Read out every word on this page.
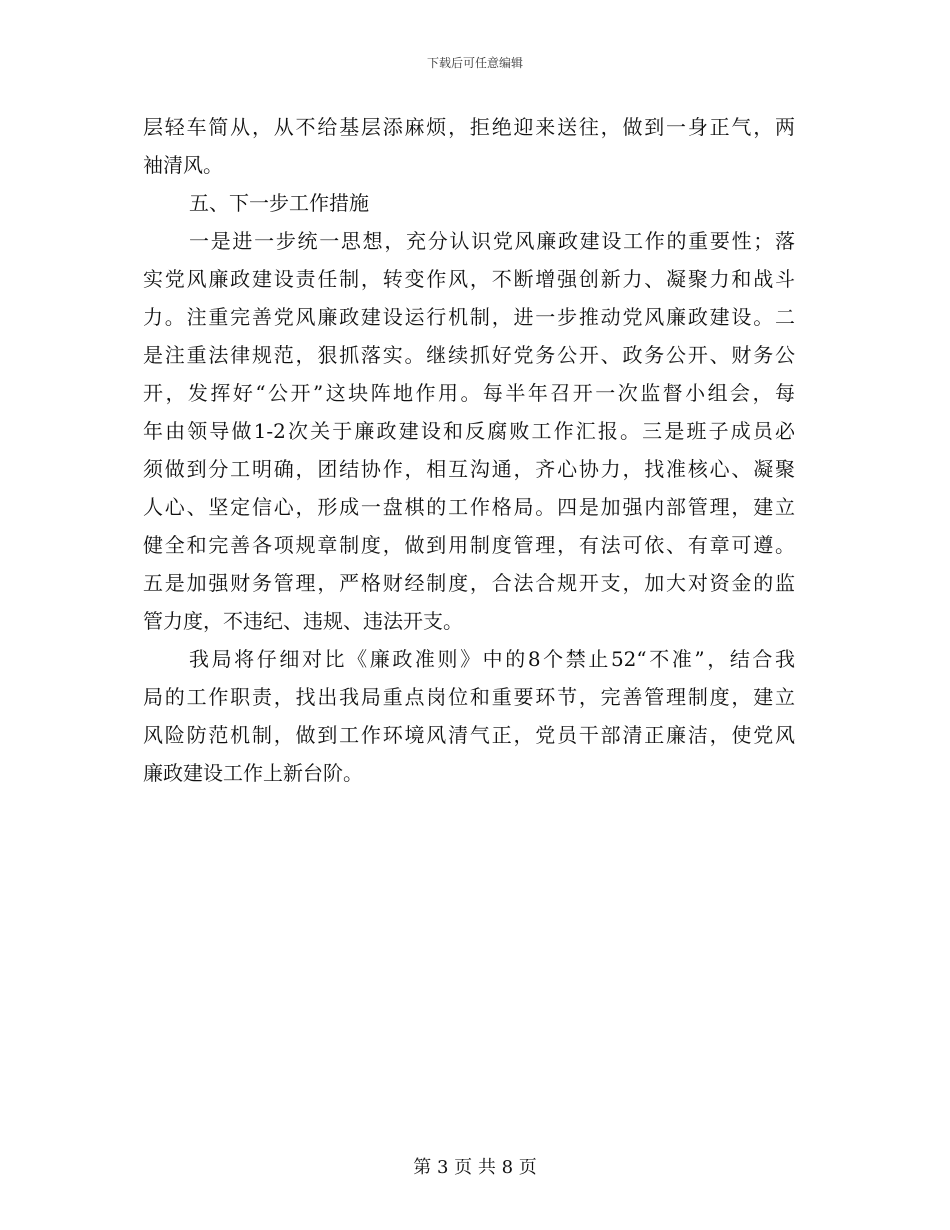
下载后可任意编辑
层轻车简从，从不给基层添麻烦，拒绝迎来送往，做到一身正气，两
袖清风。
五、下一步工作措施
一是进一步统一思想，充分认识党风廉政建设工作的重要性；落
实党风廉政建设责任制，转变作风，不断增强创新力、凝聚力和战斗
力。注重完善党风廉政建设运行机制，进一步推动党风廉政建设。二
是注重法律规范，狠抓落实。继续抓好党务公开、政务公开、财务公
开，发挥好“公开”这块阵地作用。每半年召开一次监督小组会，每
年由领导做1-2次关于廉政建设和反腐败工作汇报。三是班子成员必
须做到分工明确，团结协作，相互沟通，齐心协力，找准核心、凝聚
人心、坚定信心，形成一盘棋的工作格局。四是加强内部管理，建立
健全和完善各项规章制度，做到用制度管理，有法可依、有章可遵。
五是加强财务管理，严格财经制度，合法合规开支，加大对资金的监
管力度，不违纪、违规、违法开支。
我局将仔细对比《廉政准则》中的8个禁止52“不准”，结合我
局的工作职责，找出我局重点岗位和重要环节，完善管理制度，建立
风险防范机制，做到工作环境风清气正，党员干部清正廉洁，使党风
廉政建设工作上新台阶。
第 3 页 共 8 页
